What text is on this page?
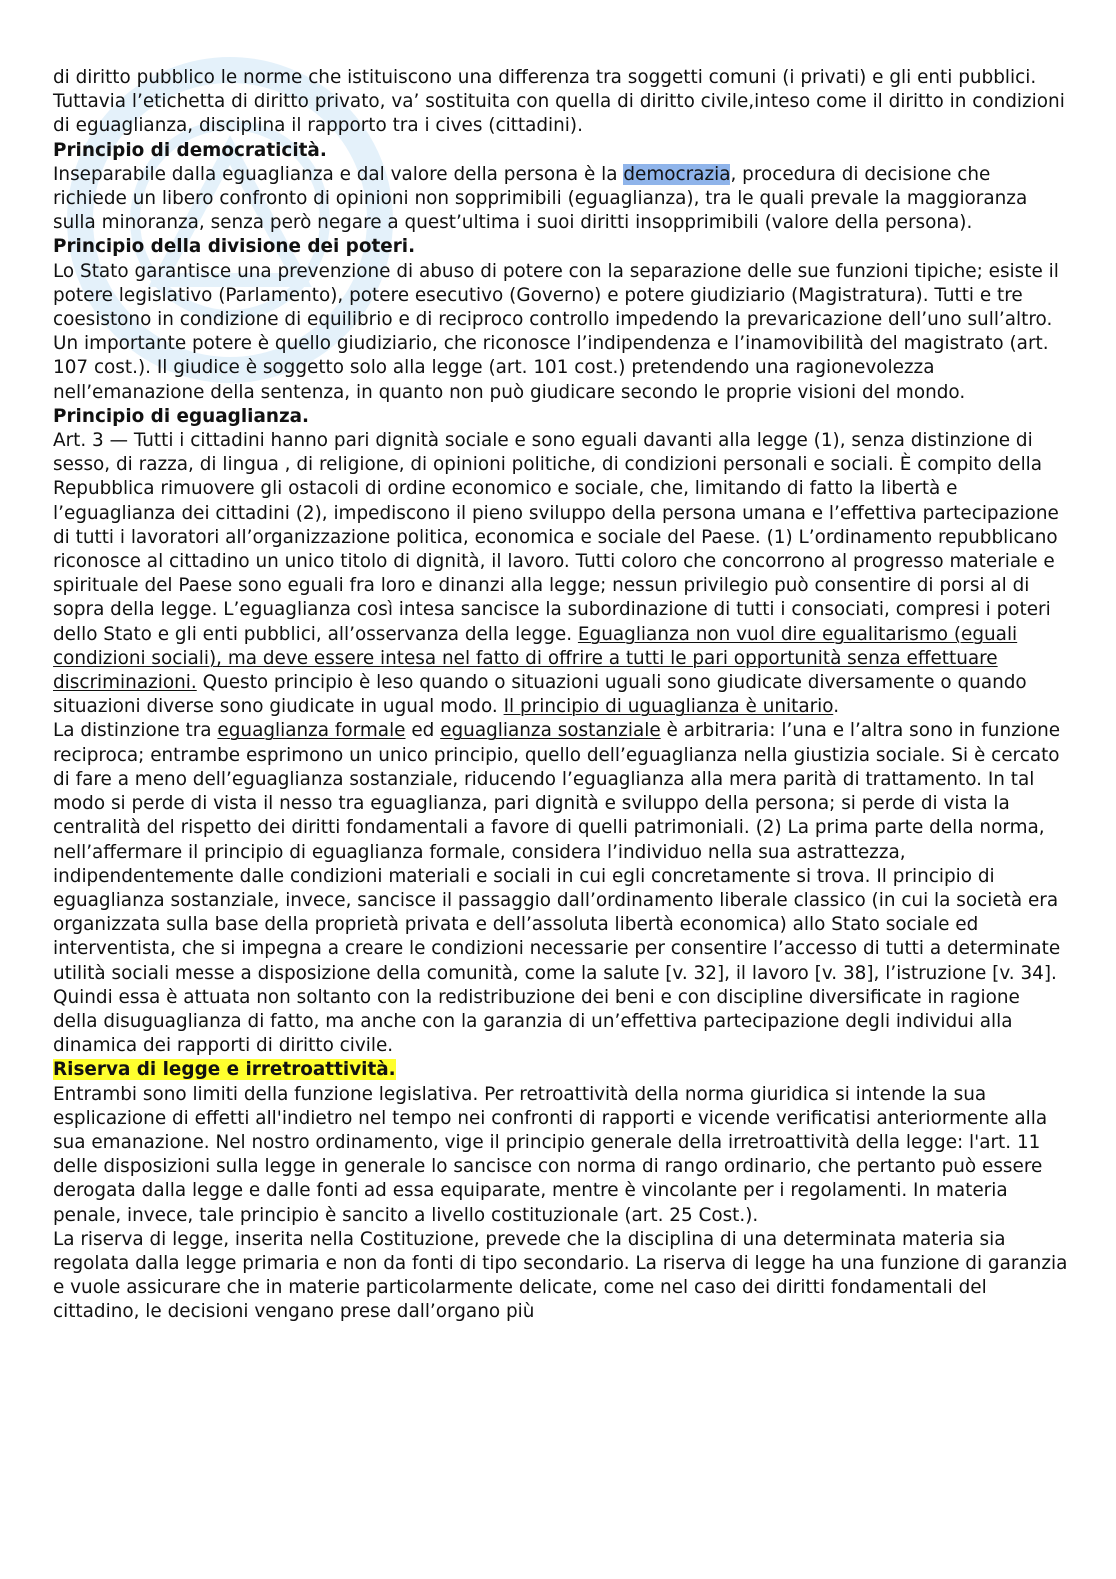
di diritto pubblico le norme che istituiscono una differenza tra soggetti comuni (i privati) e gli enti pubblici. Tuttavia l’etichetta di diritto privato, va’ sostituita con quella di diritto civile,inteso come il diritto in condizioni di eguaglianza, disciplina il rapporto tra i cives (cittadini).

Principio di democraticità.

Inseparabile dalla eguaglianza e dal valore della persona è la democrazia, procedura di decisione che richiede un libero confronto di opinioni non sopprimibili (eguaglianza), tra le quali prevale la maggioranza sulla minoranza, senza però negare a quest’ultima i suoi diritti insopprimibili (valore della persona).

Principio della divisione dei poteri.

Lo Stato garantisce una prevenzione di abuso di potere con la separazione delle sue funzioni tipiche; esiste il potere legislativo (Parlamento), potere esecutivo (Governo) e potere giudiziario (Magistratura). Tutti e tre coesistono in condizione di equilibrio e di reciproco controllo impedendo la prevaricazione dell’uno sull’altro.

Un importante potere è quello giudiziario, che riconosce l’indipendenza e l’inamovibilità del magistrato (art. 107 cost.). Il giudice è soggetto solo alla legge (art. 101 cost.) pretendendo una ragionevolezza nell’emanazione della sentenza, in quanto non può giudicare secondo le proprie visioni del mondo.

Principio di eguaglianza.

Art. 3 — Tutti i cittadini hanno pari dignità sociale e sono eguali davanti alla legge (1), senza distinzione di sesso, di razza, di lingua , di religione, di opinioni politiche, di condizioni personali e sociali. È compito della Repubblica rimuovere gli ostacoli di ordine economico e sociale, che, limitando di fatto la libertà e l’eguaglianza dei cittadini (2), impediscono il pieno sviluppo della persona umana e l’effettiva partecipazione di tutti i lavoratori all’organizzazione politica, economica e sociale del Paese. (1) L’ordinamento repubblicano riconosce al cittadino un unico titolo di dignità, il lavoro. Tutti coloro che concorrono al progresso materiale e spirituale del Paese sono eguali fra loro e dinanzi alla legge; nessun privilegio può consentire di porsi al di sopra della legge. L’eguaglianza così intesa sancisce la subordinazione di tutti i consociati, compresi i poteri dello Stato e gli enti pubblici, all’osservanza della legge. Eguaglianza non vuol dire egualitarismo (eguali condizioni sociali), ma deve essere intesa nel fatto di offrire a tutti le pari opportunità senza effettuare discriminazioni. Questo principio è leso quando o situazioni uguali sono giudicate diversamente o quando situazioni diverse sono giudicate in ugual modo. Il principio di uguaglianza è unitario.

La distinzione tra eguaglianza formale ed eguaglianza sostanziale è arbitraria: l’una e l’altra sono in funzione reciproca; entrambe esprimono un unico principio, quello dell’eguaglianza nella giustizia sociale. Si è cercato di fare a meno dell’eguaglianza sostanziale, riducendo l’eguaglianza alla mera parità di trattamento. In tal modo si perde di vista il nesso tra eguaglianza, pari dignità e sviluppo della persona; si perde di vista la centralità del rispetto dei diritti fondamentali a favore di quelli patrimoniali. (2) La prima parte della norma, nell’affermare il principio di eguaglianza formale, considera l’individuo nella sua astrattezza, indipendentemente dalle condizioni materiali e sociali in cui egli concretamente si trova. Il principio di eguaglianza sostanziale, invece, sancisce il passaggio dall’ordinamento liberale classico (in cui la società era organizzata sulla base della proprietà privata e dell’assoluta libertà economica) allo Stato sociale ed interventista, che si impegna a creare le condizioni necessarie per consentire l’accesso di tutti a determinate utilità sociali messe a disposizione della comunità, come la salute [v. 32], il lavoro [v. 38], l’istruzione [v. 34]. Quindi essa è attuata non soltanto con la redistribuzione dei beni e con discipline diversificate in ragione della disuguaglianza di fatto, ma anche con la garanzia di un’effettiva partecipazione degli individui alla dinamica dei rapporti di diritto civile.

Riserva di legge e irretroattività.

Entrambi sono limiti della funzione legislativa. Per retroattività della norma giuridica si intende la sua esplicazione di effetti all'indietro nel tempo nei confronti di rapporti e vicende verificatisi anteriormente alla sua emanazione. Nel nostro ordinamento, vige il principio generale della irretroattività della legge: l'art. 11 delle disposizioni sulla legge in generale lo sancisce con norma di rango ordinario, che pertanto può essere derogata dalla legge e dalle fonti ad essa equiparate, mentre è vincolante per i regolamenti. In materia penale, invece, tale principio è sancito a livello costituzionale (art. 25 Cost.).

La riserva di legge, inserita nella Costituzione, prevede che la disciplina di una determinata materia sia regolata dalla legge primaria e non da fonti di tipo secondario. La riserva di legge ha una funzione di garanzia e vuole assicurare che in materie particolarmente delicate, come nel caso dei diritti fondamentali del cittadino, le decisioni vengano prese dall’organo più
